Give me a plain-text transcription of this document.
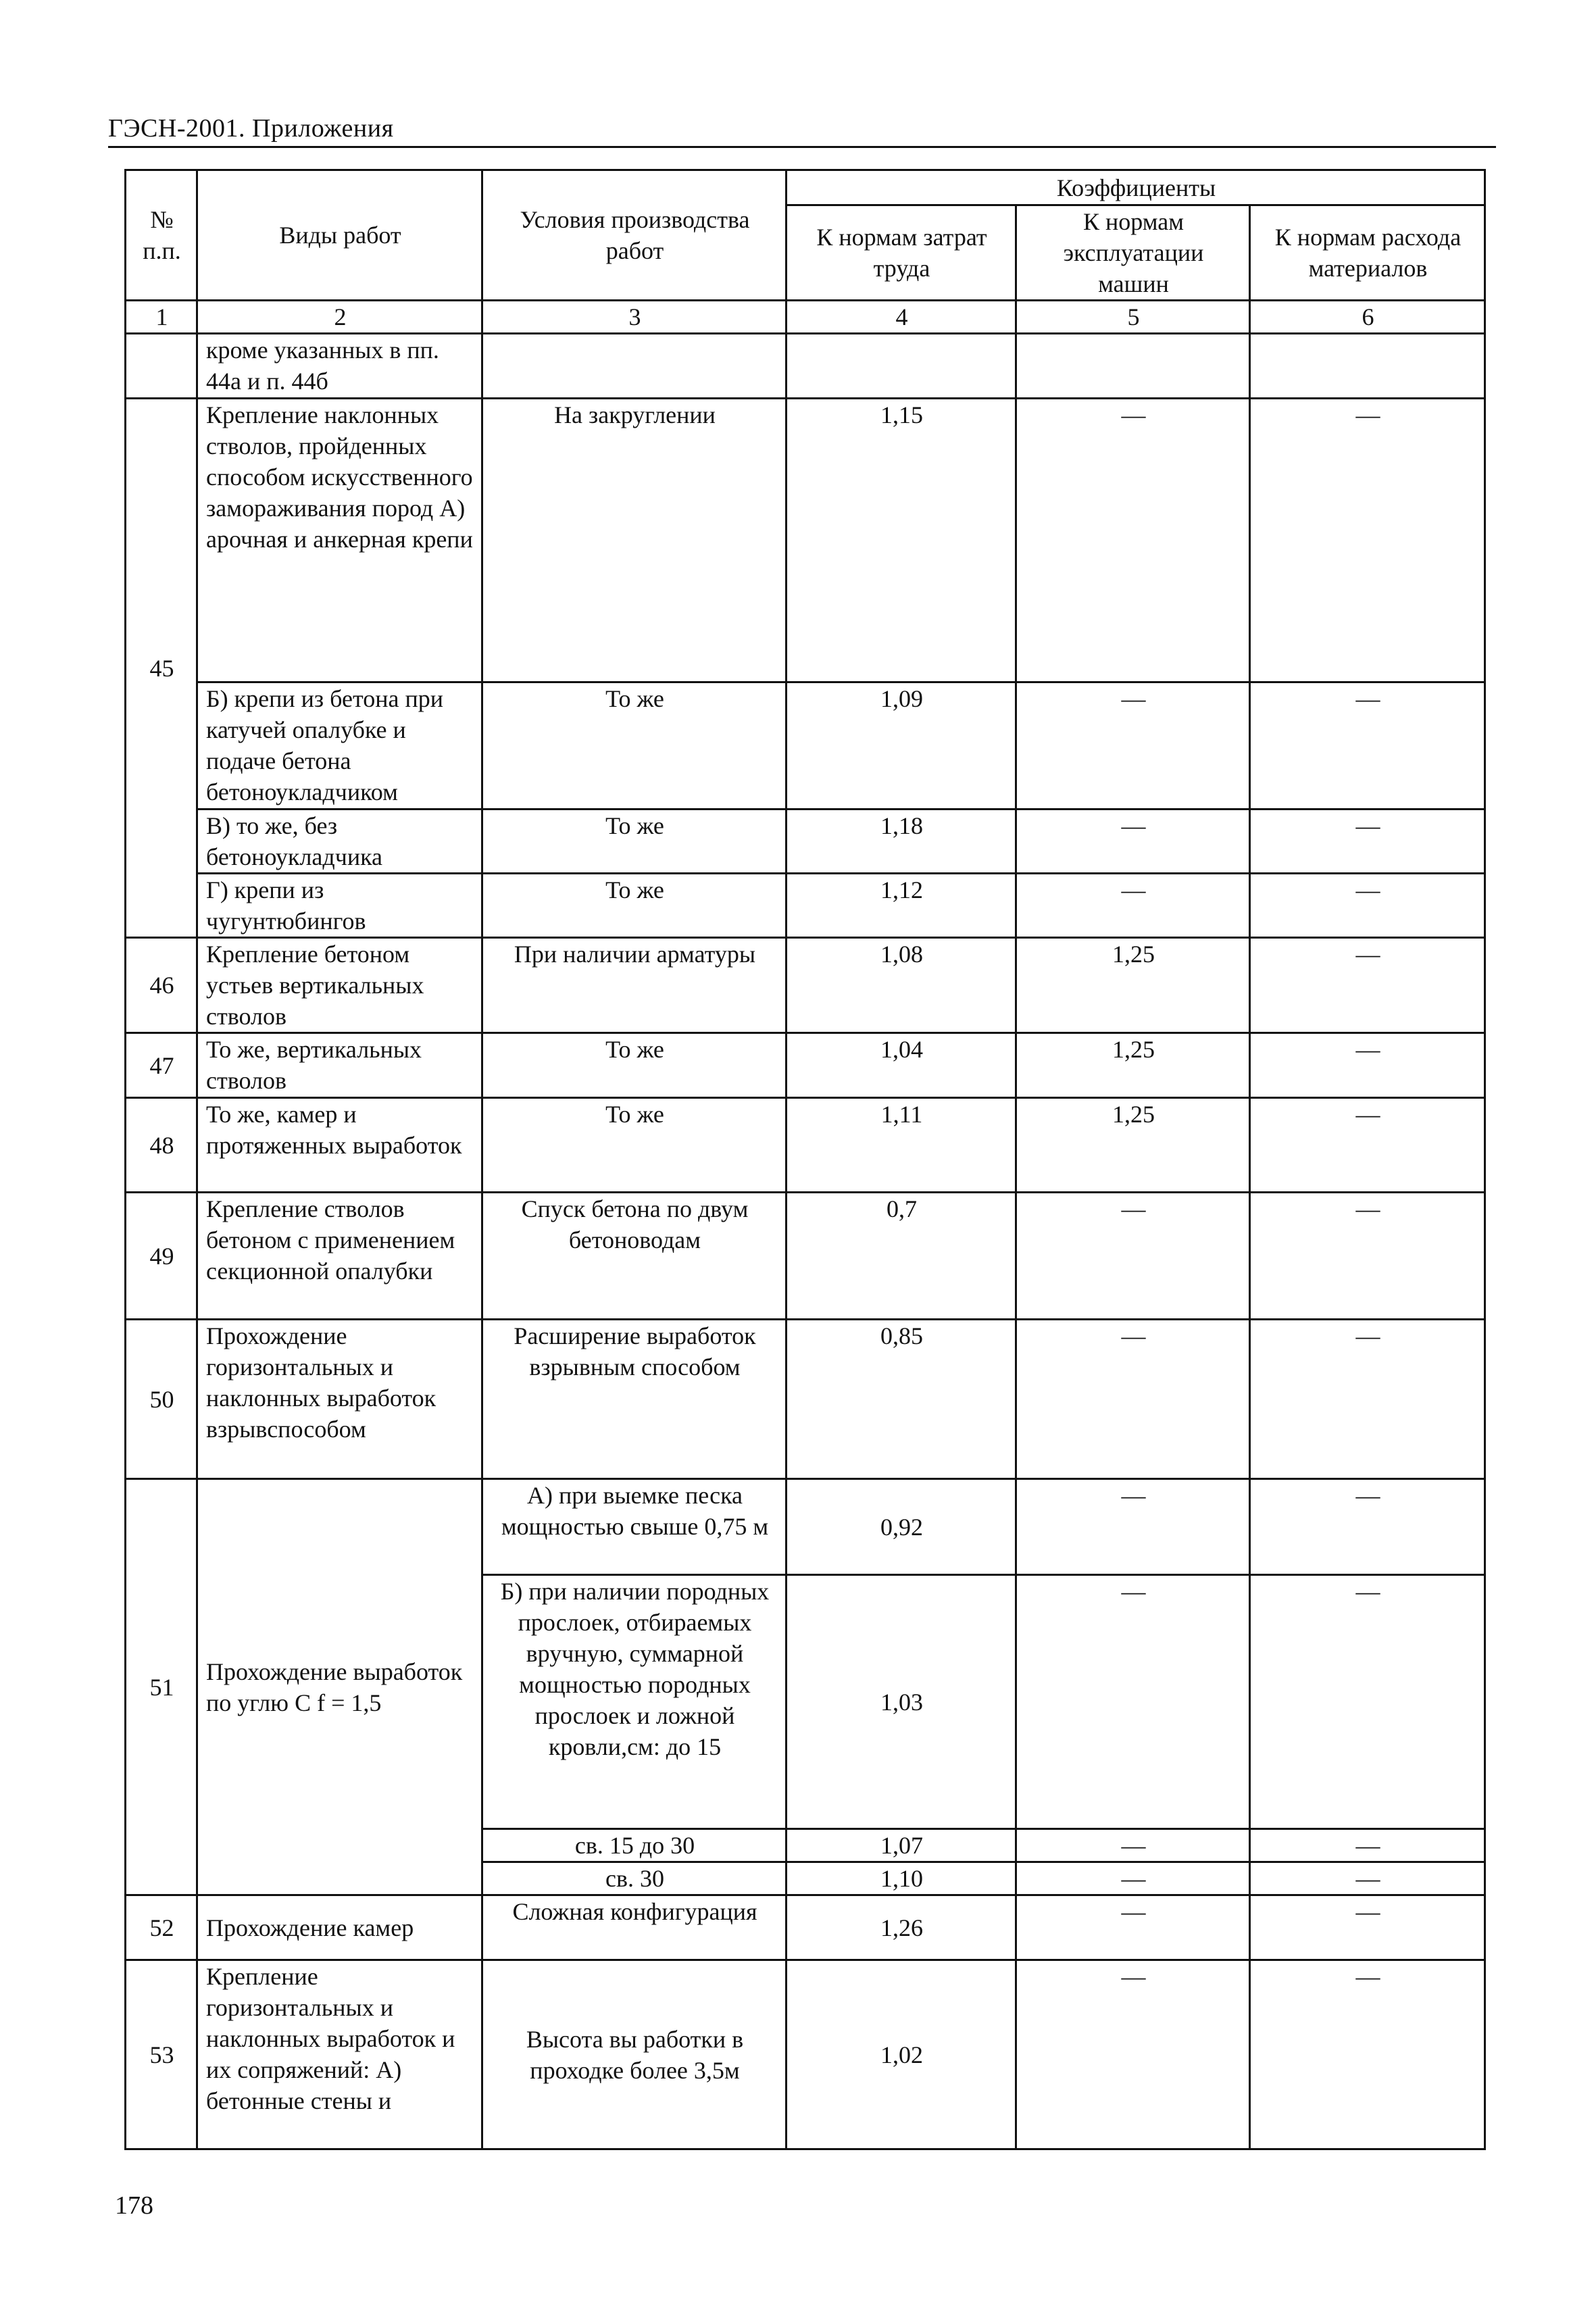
ГЭСН-2001. Приложения
№ п.п.	Виды работ	Условия производства работ	Коэффициенты		
			К нормам затрат труда	К нормам эксплуатации машин	К нормам расхода материалов
1	2	3	4	5	6
	кроме указанных в пп. 44а и п. 44б				
45	Крепление наклонных стволов, пройденных способом искусственного замораживания пород А) арочная и анкерная крепи	На закруглении	1,15	—	—
	Б) крепи из бетона при катучей опалубке и подаче бетона бетоноукладчиком	То же	1,09	—	—
	В) то же, без бетоноукладчика	То же	1,18	—	—
	Г) крепи из чугунтюбингов	То же	1,12	—	—
46	Крепление бетоном устьев вертикальных стволов	При наличии арматуры	1,08	1,25	—
47	То же, вертикальных стволов	То же	1,04	1,25	—
48	То же, камер и протяженных выработок	То же	1,11	1,25	—
49	Крепление стволов бетоном с применением секционной опалубки	Спуск бетона по двум бетоноводам	0,7	—	—
50	Прохождение горизонтальных и наклонных выработок взрывспособом	Расширение выработок взрывным способом	0,85	—	—
51	Прохождение выработок по углю С f = 1,5	А) при выемке песка мощностью свыше 0,75 м	0,92	—	—
		Б) при наличии породных прослоек, отбираемых вручную, суммарной мощностью породных прослоек и ложной кровли,см: до 15	1,03	—	—
		св. 15 до 30	1,07	—	—
		св. 30	1,10	—	—
52	Прохождение камер	Сложная конфигурация	1,26	—	—
53	Крепление горизонтальных и наклонных выработок и их сопряжений: А) бетонные стены и	Высота вы работки в проходке более 3,5м	1,02	—	—
178
